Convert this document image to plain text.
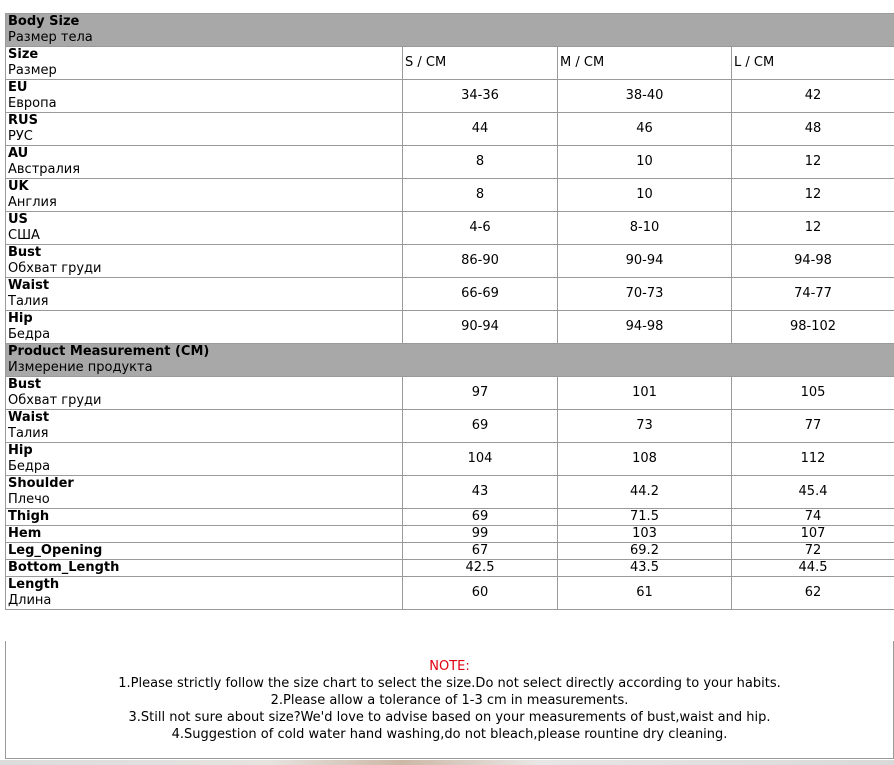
Body Size
Размер тела			

Size
Размер	S / CM	M / CM	L / CM

EU
Европа	34-36	38-40	42

RUS
РУС	44	46	48

AU
Австралия	8	10	12

UK
Англия	8	10	12

US
США	4-6	8-10	12

Bust
Обхват груди	86-90	90-94	94-98

Waist
Талия	66-69	70-73	74-77

Hip
Бедра	90-94	94-98	98-102

Product Measurement (CM)
Измерение продукта			

Bust
Обхват груди	97	101	105

Waist
Талия	69	73	77

Hip
Бедра	104	108	112

Shoulder
Плечо	43	44.2	45.4

Thigh	69	71.5	74

Hem	99	103	107

Leg_Opening	67	69.2	72

Bottom_Length	42.5	43.5	44.5

Length
Длина	60	61	62
NOTE:
1.Please strictly follow the size chart to select the size.Do not select directly according to your habits.
2.Please allow a tolerance of 1-3 cm in measurements.
3.Still not sure about size?We'd love to advise based on your measurements of bust,waist and hip.
4.Suggestion of cold water hand washing,do not bleach,please rountine dry cleaning.
